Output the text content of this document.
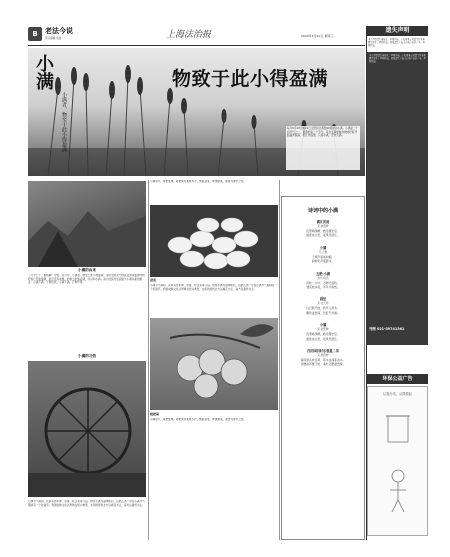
B	老法今说
责任编辑 何蓓	上海法治报	2020年5月20日 星期三
遗失声明
本人不慎遗失身份证，声明作废。上海某某公司遗失营业执照正副本，声明作废。某某遗失上海市房地产权证一本，声明作废。
本人不慎遗失身份证，声明作废。上海某某公司遗失营业执照正副本，声明作废。某某遗失上海市房地产权证一本，声明作废。
刊例 021-59741361
环保公益广告
垃圾分类，从我做起
小满
小满者，物至于此小得盈满
物致于此小得盈满
每年5月20日或21日太阳到达黄经60度时为小满。小满是二十四节气之一，夏季的第二个节气。其含义是夏熟作物的籽粒开始灌浆饱满，但还未成熟，只是小满，还未大满。
小满的由来
《月令七十二候集解》中说：四月中，小满者，物至于此小得盈满。这时全国北方地区麦类等夏熟作物籽粒已开始饱满，但还没有成熟，约相当乳熟后期，所以叫小满。南方地区的农谚赋予小满以新的寓意：小满不满，干断田坎；小满不满，芒种不管。
小满的习俗
小满节气期间，民间有祭车神、祭蚕、吃苦菜等习俗。相传小满为蚕神诞辰，因此江浙一带在小满节气期间有一个祈蚕节。我国农耕文化以男耕女织为典型，女织的原料北方以棉花为主，南方以蚕丝为主。
小满时节，枇杷成熟。枇杷果实柔软多汁，酸甜适度，味道鲜美，被誉为果中之皇。
蚕茧
小满节气期间，民间有祭车神、祭蚕、吃苦菜等习俗。相传小满为蚕神诞辰，因此江浙一带在小满节气期间有一个祈蚕节。我国农耕文化以男耕女织为典型，女织的原料北方以棉花为主，南方以蚕丝为主。
枇杷果
小满时节，枇杷成熟。枇杷果实柔软多汁，酸甜适度，味道鲜美，被誉为果中之皇。
诗词中的小满
满江风雨
宋·欧阳修
夜莺啼绿柳，皓月醒长空。
最爱垄头麦，迎风笑落红。
小满
元·元淮
子规声里雨如烟，
润物无声涨碧川。
五绝·小满
当代·佚名
风吹一片叶，万物已惊秋。
独夜他乡泪，年年为客愁。
晨征
宋·文天祥
白日照天地，秋声入草木。
飘然凌浩荡，忽若天外游。
小满
宋·欧阳修
夜莺啼绿柳，皓月醒长空。
最爱垄头麦，迎风笑落红。
归田园四时乐春夏二首
宋·欧阳修
南风原头吹百草，草木丛深茅舍小。
麦穗初齐稚子娇，桑叶正肥蚕食饱。
